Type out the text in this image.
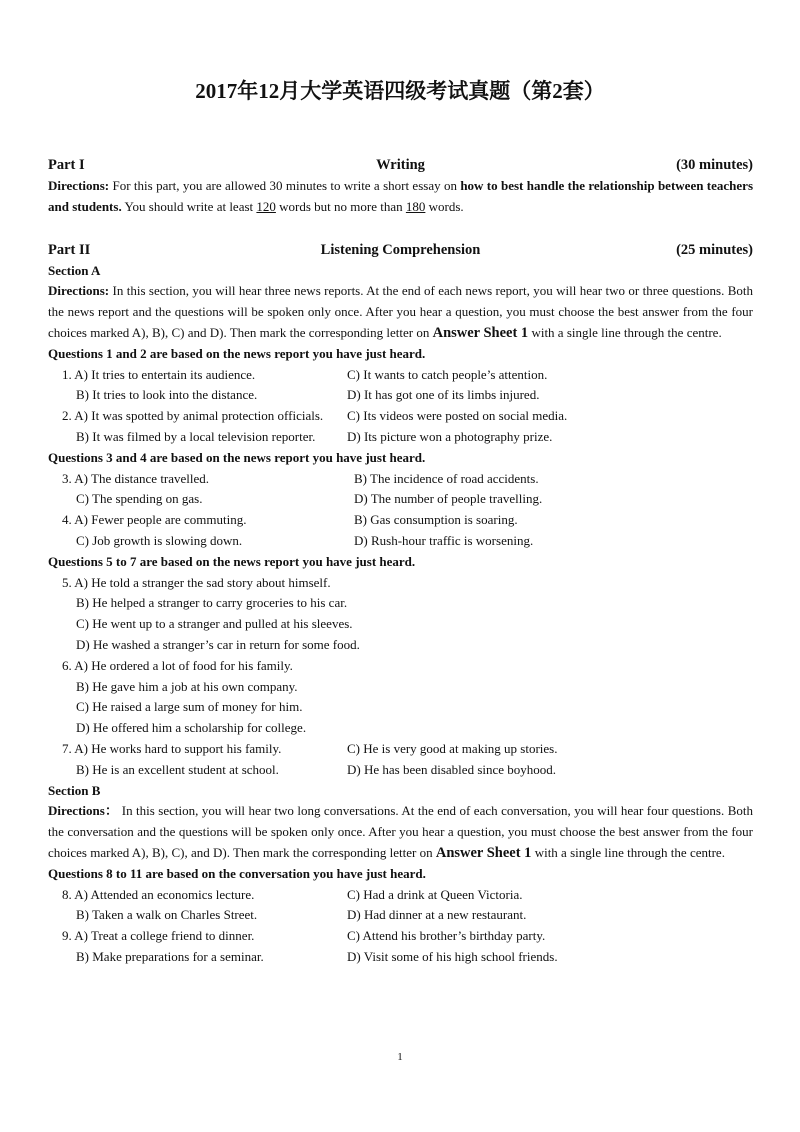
2017年12月大学英语四级考试真题（第2套）
Part I	Writing	(30 minutes)

Directions: For this part, you are allowed 30 minutes to write a short essay on how to best handle the relationship between teachers and students. You should write at least 120 words but no more than 180 words.

Part II	Listening Comprehension	(25 minutes)

Section A

Directions: In this section, you will hear three news reports. At the end of each news report, you will hear two or three questions. Both the news report and the questions will be spoken only once. After you hear a question, you must choose the best answer from the four choices marked A), B), C) and D). Then mark the corresponding letter on Answer Sheet 1 with a single line through the centre.

Questions 1 and 2 are based on the news report you have just heard.

1. A) It tries to entertain its audience.	C) It wants to catch people’s attention.
B) It tries to look into the distance.	D) It has got one of its limbs injured.
2. A) It was spotted by animal protection officials.	C) Its videos were posted on social media.
B) It was filmed by a local television reporter.	D) Its picture won a photography prize.

Questions 3 and 4 are based on the news report you have just heard.

3. A) The distance travelled.	B) The incidence of road accidents.
C) The spending on gas.	D) The number of people travelling.
4. A) Fewer people are commuting.	B) Gas consumption is soaring.
C) Job growth is slowing down.	D) Rush-hour traffic is worsening.

Questions 5 to 7 are based on the news report you have just heard.

5. A) He told a stranger the sad story about himself.

B) He helped a stranger to carry groceries to his car.

C) He went up to a stranger and pulled at his sleeves.

D) He washed a stranger’s car in return for some food.

6. A) He ordered a lot of food for his family.

B) He gave him a job at his own company.

C) He raised a large sum of money for him.

D) He offered him a scholarship for college.

7. A) He works hard to support his family.	C) He is very good at making up stories.
B) He is an excellent student at school.	D) He has been disabled since boyhood.

Section B

Directions： In this section, you will hear two long conversations. At the end of each conversation, you will hear four questions. Both the conversation and the questions will be spoken only once. After you hear a question, you must choose the best answer from the four choices marked A), B), C), and D). Then mark the corresponding letter on Answer Sheet 1 with a single line through the centre.

Questions 8 to 11 are based on the conversation you have just heard.

8. A) Attended an economics lecture.	C) Had a drink at Queen Victoria.
B) Taken a walk on Charles Street.	D) Had dinner at a new restaurant.
9. A) Treat a college friend to dinner.	C) Attend his brother’s birthday party.
B) Make preparations for a seminar.	D) Visit some of his high school friends.
1
